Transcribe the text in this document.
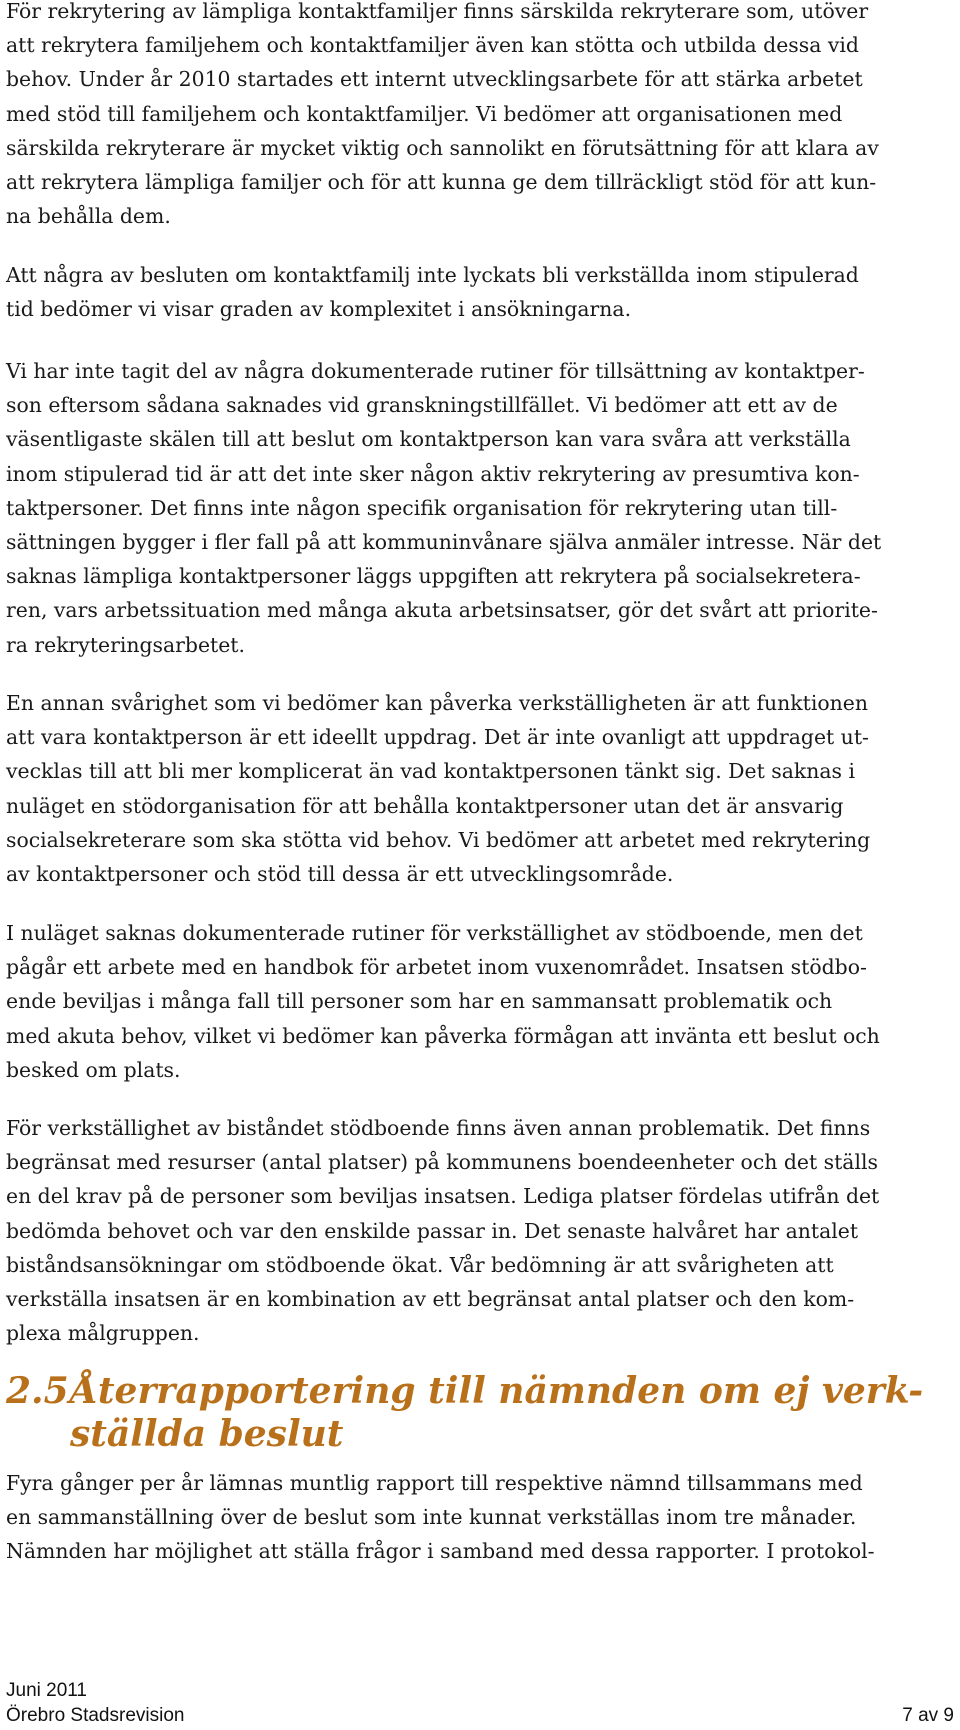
För rekrytering av lämpliga kontaktfamiljer finns särskilda rekryterare som, utöver
att rekrytera familjehem och kontaktfamiljer även kan stötta och utbilda dessa vid
behov. Under år 2010 startades ett internt utvecklingsarbete för att stärka arbetet
med stöd till familjehem och kontaktfamiljer. Vi bedömer att organisationen med
särskilda rekryterare är mycket viktig och sannolikt en förutsättning för att klara av
att rekrytera lämpliga familjer och för att kunna ge dem tillräckligt stöd för att kun-
na behålla dem.

Att några av besluten om kontaktfamilj inte lyckats bli verkställda inom stipulerad
tid bedömer vi visar graden av komplexitet i ansökningarna.

Vi har inte tagit del av några dokumenterade rutiner för tillsättning av kontaktper-
son eftersom sådana saknades vid granskningstillfället. Vi bedömer att ett av de
väsentligaste skälen till att beslut om kontaktperson kan vara svåra att verkställa
inom stipulerad tid är att det inte sker någon aktiv rekrytering av presumtiva kon-
taktpersoner. Det finns inte någon specifik organisation för rekrytering utan till-
sättningen bygger i fler fall på att kommuninvånare själva anmäler intresse. När det
saknas lämpliga kontaktpersoner läggs uppgiften att rekrytera på socialsekretera-
ren, vars arbetssituation med många akuta arbetsinsatser, gör det svårt att priorite-
ra rekryteringsarbetet.

En annan svårighet som vi bedömer kan påverka verkställigheten är att funktionen
att vara kontaktperson är ett ideellt uppdrag. Det är inte ovanligt att uppdraget ut-
vecklas till att bli mer komplicerat än vad kontaktpersonen tänkt sig. Det saknas i
nuläget en stödorganisation för att behålla kontaktpersoner utan det är ansvarig
socialsekreterare som ska stötta vid behov. Vi bedömer att arbetet med rekrytering
av kontaktpersoner och stöd till dessa är ett utvecklingsområde.

I nuläget saknas dokumenterade rutiner för verkställighet av stödboende, men det
pågår ett arbete med en handbok för arbetet inom vuxenområdet. Insatsen stödbo-
ende beviljas i många fall till personer som har en sammansatt problematik och
med akuta behov, vilket vi bedömer kan påverka förmågan att invänta ett beslut och
besked om plats.

För verkställighet av biståndet stödboende finns även annan problematik. Det finns
begränsat med resurser (antal platser) på kommunens boendeenheter och det ställs
en del krav på de personer som beviljas insatsen. Lediga platser fördelas utifrån det
bedömda behovet och var den enskilde passar in. Det senaste halvåret har antalet
biståndsansökningar om stödboende ökat. Vår bedömning är att svårigheten att
verkställa insatsen är en kombination av ett begränsat antal platser och den kom-
plexa målgruppen.

2.5Återrapportering till nämnden om ej verk-
ställda beslut

Fyra gånger per år lämnas muntlig rapport till respektive nämnd tillsammans med
en sammanställning över de beslut som inte kunnat verkställas inom tre månader.
Nämnden har möjlighet att ställa frågor i samband med dessa rapporter. I protokol-

Juni 2011
Örebro Stadsrevision	7 av 9
